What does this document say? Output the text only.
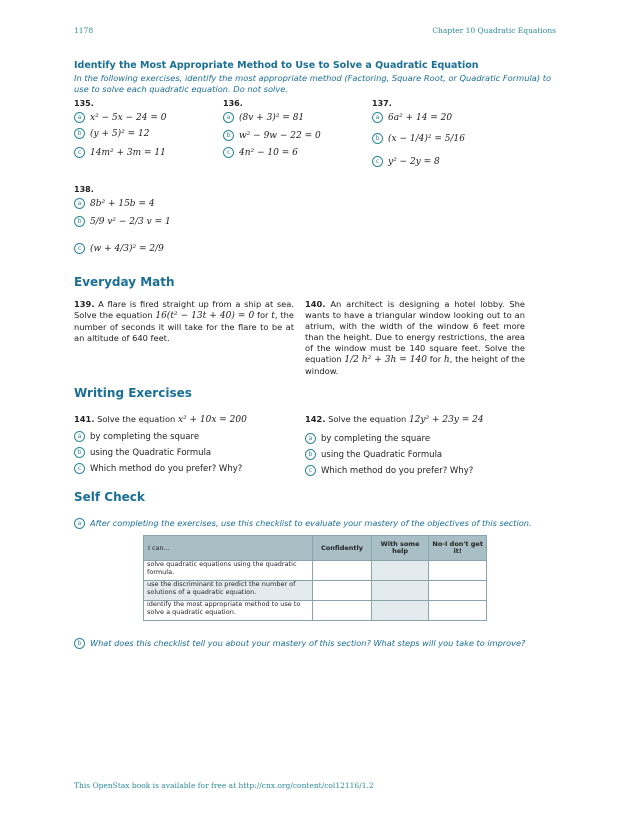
1178	Chapter 10 Quadratic Equations
Identify the Most Appropriate Method to Use to Solve a Quadratic Equation
In the following exercises, identify the most appropriate method (Factoring, Square Root, or Quadratic Formula) to use to solve each quadratic equation. Do not solve.
135.
a x² − 5x − 24 = 0
b (y + 5)² = 12
c 14m² + 3m = 11
136.
a (8v + 3)² = 81
b w² − 9w − 22 = 0
c 4n² − 10 = 6
137.
a 6a² + 14 = 20
b (x − 1/4)² = 5/16
c y² − 2y = 8
138.
a 8b² + 15b = 4
b 5/9 v² − 2/3 v = 1
c (w + 4/3)² = 2/9
Everyday Math
139. A flare is fired straight up from a ship at sea. Solve the equation 16(t² − 13t + 40) = 0 for t, the number of seconds it will take for the flare to be at an altitude of 640 feet.
140. An architect is designing a hotel lobby. She wants to have a triangular window looking out to an atrium, with the width of the window 6 feet more than the height. Due to energy restrictions, the area of the window must be 140 square feet. Solve the equation 1/2 h² + 3h = 140 for h, the height of the window.
Writing Exercises
141. Solve the equation x² + 10x = 200
a by completing the square
b using the Quadratic Formula
c Which method do you prefer? Why?
142. Solve the equation 12y² + 23y = 24
a by completing the square
b using the Quadratic Formula
c Which method do you prefer? Why?
Self Check
a After completing the exercises, use this checklist to evaluate your mastery of the objectives of this section.
I can...	Confidently	With some help	No-I don't get it!
solve quadratic equations using the quadratic formula.			
use the discriminant to predict the number of solutions of a quadratic equation.			
identify the most appropriate method to use to solve a quadratic equation.			
b What does this checklist tell you about your mastery of this section? What steps will you take to improve?
This OpenStax book is available for free at http://cnx.org/content/col12116/1.2
